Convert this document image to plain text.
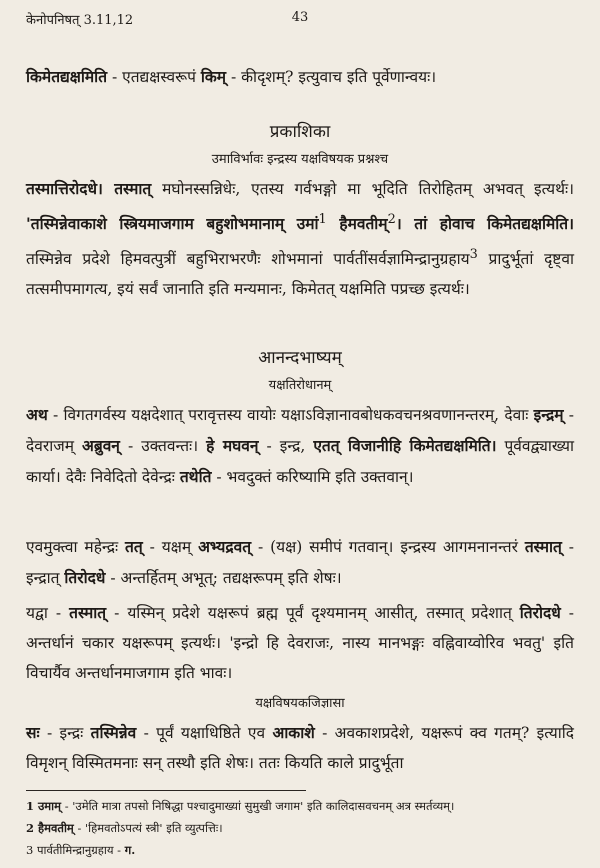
केनोपनिषत् 3.11,12	43
किमेतद्यक्षमिति - एतद्यक्षस्वरूपं किम् - कीदृशम्? इत्युवाच इति पूर्वेणान्वयः।
प्रकाशिका
उमाविर्भावः इन्द्रस्य यक्षविषयक प्रश्नश्च
तस्मात्तिरोदधे। तस्मात् मघोनस्सन्निधेः, एतस्य गर्वभङ्गो मा भूदिति तिरोहितम् अभवत् इत्यर्थः। 'तस्मिन्नेवाकाशे स्त्रियमाजगाम बहुशोभमानाम् उमां$^1$ हैमवतीम्$^2$। तां होवाच किमेतद्यक्षमिति। तस्मिन्नेव प्रदेशे हिमवत्पुत्रीं बहुभिराभरणैः शोभमानां पार्वतींसर्वज्ञामिन्द्रानुग्रहाय$^3$ प्रादुर्भूतां दृष्ट्वा तत्समीपमागत्य, इयं सर्वं जानाति इति मन्यमानः, किमेतत् यक्षमिति पप्रच्छ इत्यर्थः।
आनन्दभाष्यम्
यक्षतिरोधानम्
अथ - विगतगर्वस्य यक्षदेशात् परावृत्तस्य वायोः यक्षाऽविज्ञानावबोधकवचनश्रवणानन्तरम्, देवाः इन्द्रम् - देवराजम् अब्रुवन् - उक्तवन्तः। हे मघवन् - इन्द्र, एतत् विजानीहि किमेतद्यक्षमिति। पूर्ववद्व्याख्या कार्या। देवैः निवेदितो देवेन्द्रः तथेति - भवदुक्तं करिष्यामि इति उक्तवान्।
एवमुक्त्वा महेन्द्रः तत् - यक्षम् अभ्यद्रवत् - (यक्ष) समीपं गतवान्। इन्द्रस्य आगमनानन्तरं तस्मात् - इन्द्रात् तिरोदधे - अन्तर्हितम् अभूत्; तद्यक्षरूपम् इति शेषः।
यद्वा - तस्मात् - यस्मिन् प्रदेशे यक्षरूपं ब्रह्म पूर्वं दृश्यमानम् आसीत्, तस्मात् प्रदेशात् तिरोदधे - अन्तर्धानं चकार यक्षरूपम् इत्यर्थः। 'इन्द्रो हि देवराजः, नास्य मानभङ्गः वह्निवाय्वोरिव भवतु' इति विचार्यैव अन्तर्धानमाजगाम इति भावः।
यक्षविषयकजिज्ञासा
सः - इन्द्रः तस्मिन्नेव - पूर्वं यक्षाधिष्ठिते एव आकाशे - अवकाशप्रदेशे, यक्षरूपं क्व गतम्? इत्यादि विमृशन् विस्मितमनाः सन् तस्थौ इति शेषः। ततः कियति काले प्रादुर्भूता
1 उमाम् - 'उमेति मात्रा तपसो निषिद्धा पश्चादुमाख्यां सुमुखी जगाम' इति कालिदासवचनम् अत्र स्मर्तव्यम्।
2 हैमवतीम् - 'हिमवतोऽपत्यं स्त्री' इति व्युत्पत्तिः।
3 पार्वतीमिन्द्रानुग्रहाय - ग.
